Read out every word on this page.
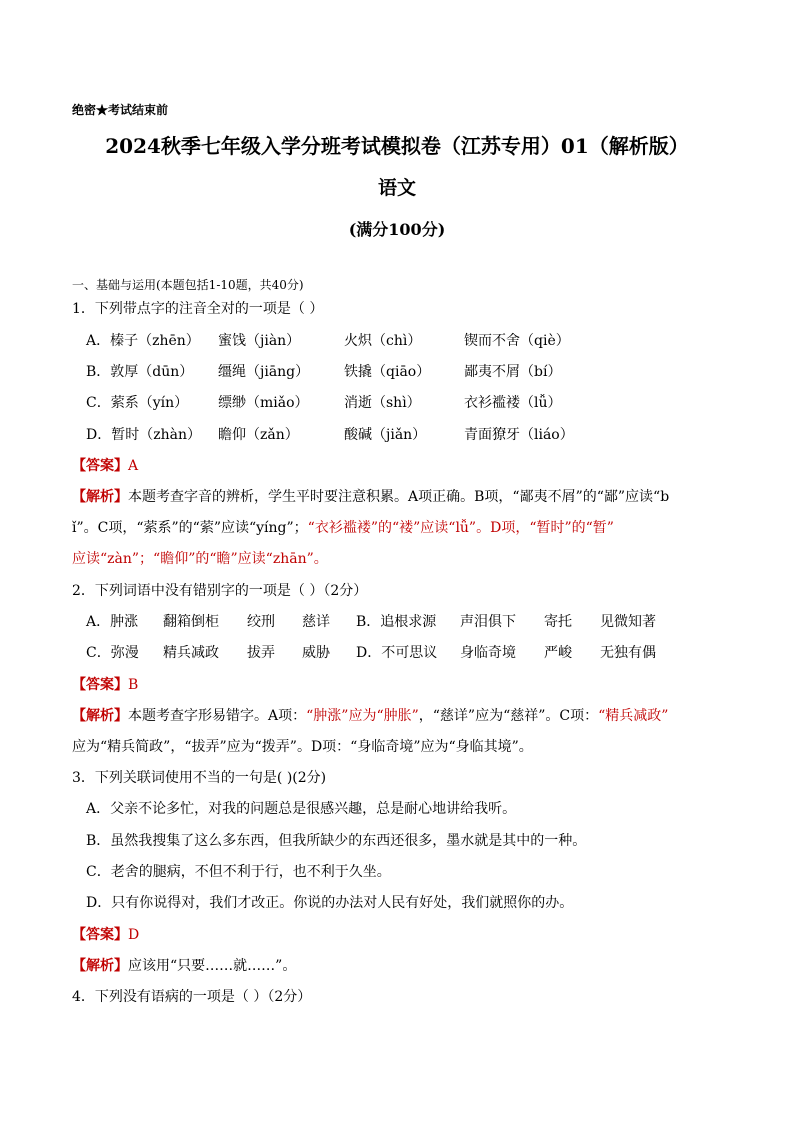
绝密★考试结束前
2024秋季七年级入学分班考试模拟卷（江苏专用）01（解析版）
语文
(满分100分)
一、基础与运用(本题包括1-10题，共40分)
1．下列带点字的注音全对的一项是（ ）
A．榛子（zhēn） 蜜饯（jiàn）	火炽（chì）	锲而不舍（qiè）
B．敦厚（dūn） 缰绳（jiāng） 铁撬（qiāo） 鄙夷不屑（bí）
C．萦系（yín） 缥缈（miǎo）	消逝（shì）	衣衫褴褛（lǚ）
D．暂时（zhàn） 瞻仰（zǎn）	酸碱（jiǎn）	青面獠牙（liáo）
【答案】A
【解析】本题考查字音的辨析，学生平时要注意积累。A项正确。B项，“鄙夷不屑”的“鄙”应读“b
ǐ”。C项，“萦系”的“萦”应读“yíng”；“衣衫褴褛”的“褛”应读“lǚ”。D项，“暂时”的“暂”
应读“zàn”；“瞻仰”的“瞻”应读“zhān”。
2．下列词语中没有错别字的一项是（ ）（2分）
A．肿涨 翻箱倒柜 绞刑 慈详 B．追根求源 声泪俱下 寄托 见微知著
C．弥漫 精兵减政 拔弄 威胁 D．不可思议 身临奇境 严峻 无独有偶
【答案】B
【解析】本题考查字形易错字。A项：“肿涨”应为“肿胀”，“慈详”应为“慈祥”。C项：“精兵减政”
应为“精兵简政”，“拔弄”应为“拨弄”。D项：“身临奇境”应为“身临其境”。
3．下列关联词使用不当的一句是( )(2分)
A．父亲不论多忙，对我的问题总是很感兴趣，总是耐心地讲给我听。
B．虽然我搜集了这么多东西，但我所缺少的东西还很多，墨水就是其中的一种。
C．老舍的腿病，不但不利于行，也不利于久坐。
D．只有你说得对，我们才改正。你说的办法对人民有好处，我们就照你的办。
【答案】D
【解析】应该用“只要……就……”。
4．下列没有语病的一项是（ ）（2分）
